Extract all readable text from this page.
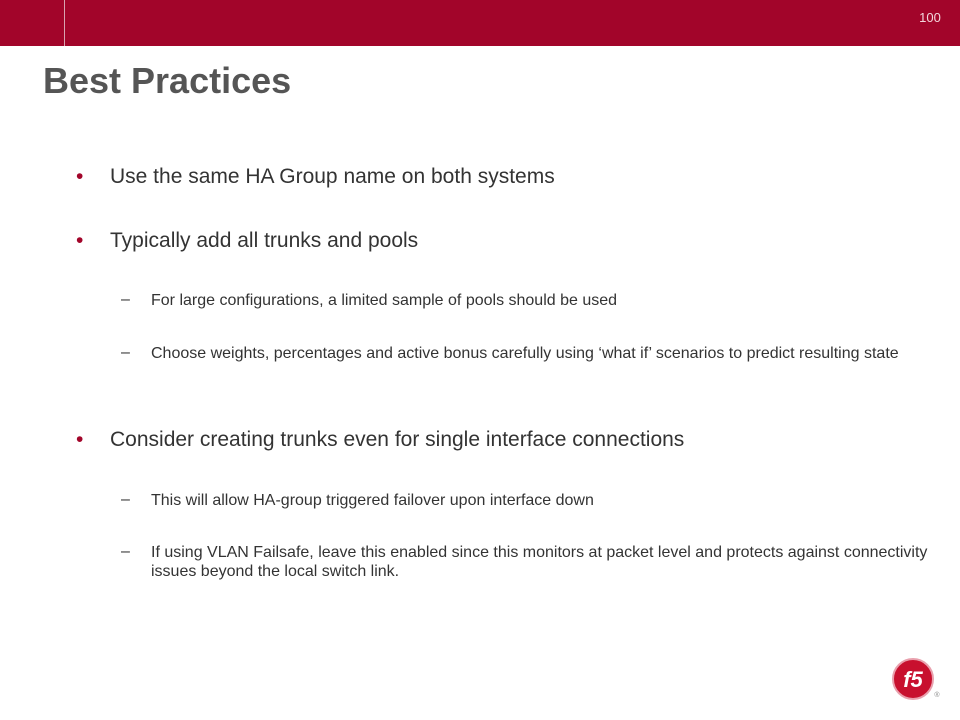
100
Best Practices
• Use the same HA Group name on both systems
• Typically add all trunks and pools
– For large configurations, a limited sample of pools should be used
– Choose weights, percentages and active bonus carefully using ‘what if’ scenarios to predict resulting state
• Consider creating trunks even for single interface connections
– This will allow HA-group triggered failover upon interface down
– If using VLAN Failsafe, leave this enabled since this monitors at packet level and protects against connectivity issues beyond the local switch link.
f5
®
